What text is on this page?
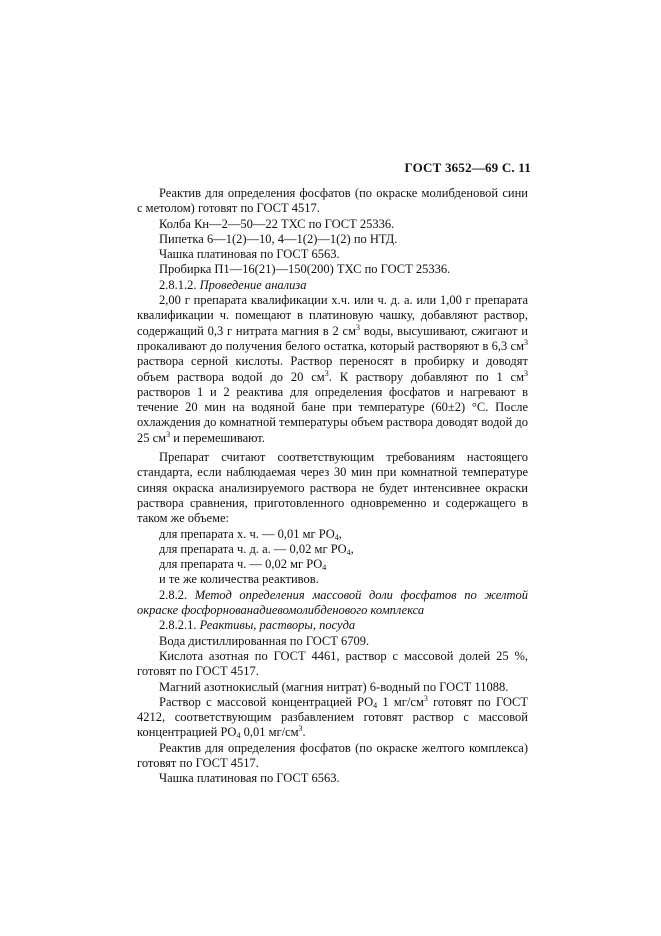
ГОСТ 3652—69 С. 11

Реактив для определения фосфатов (по окраске молибденовой сини с метолом) готовят по ГОСТ 4517.

Колба Кн—2—50—22 ТХС по ГОСТ 25336.

Пипетка 6—1(2)—10, 4—1(2)—1(2) по НТД.

Чашка платиновая по ГОСТ 6563.

Пробирка П1—16(21)—150(200) ТХС по ГОСТ 25336.

2.8.1.2. Проведение анализа

2,00 г препарата квалификации х.ч. или ч. д. а. или 1,00 г препарата квалификации ч. помещают в платиновую чашку, добавляют раствор, содержащий 0,3 г нитрата магния в 2 $см^3$ воды, высушивают, сжигают и прокаливают до получения белого остатка, который растворяют в 6,3 $см^3$ раствора серной кислоты. Раствор переносят в пробирку и доводят объем раствора водой до 20 $см^3$. К раствору добавляют по 1 $см^3$ растворов 1 и 2 реактива для определения фосфатов и нагревают в течение 20 мин на водяной бане при температуре (60±2) °С. После охлаждения до комнатной температуры объем раствора доводят водой до 25 $см^3$ и перемешивают.

Препарат считают соответствующим требованиям настоящего стандарта, если наблюдаемая через 30 мин при комнатной температуре синяя окраска анализируемого раствора не будет интенсивнее окраски раствора сравнения, приготовленного одновременно и содержащего в таком же объеме:

для препарата х. ч. — 0,01 мг $PO_4$,

для препарата ч. д. а. — 0,02 мг $PO_4$,

для препарата ч. — 0,02 мг $PO_4$

и те же количества реактивов.

2.8.2. Метод определения массовой доли фосфатов по желтой окраске фосфорнованадиевомолибденового комплекса

2.8.2.1. Реактивы, растворы, посуда

Вода дистиллированная по ГОСТ 6709.

Кислота азотная по ГОСТ 4461, раствор с массовой долей 25 %, готовят по ГОСТ 4517.

Магний азотнокислый (магния нитрат) 6-водный по ГОСТ 11088.

Раствор с массовой концентрацией $PO_4$ 1 $мг/см^3$ готовят по ГОСТ 4212, соответствующим разбавлением готовят раствор с массовой концентрацией $PO_4$ 0,01 $мг/см^3$.

Реактив для определения фосфатов (по окраске желтого комплекса) готовят по ГОСТ 4517.

Чашка платиновая по ГОСТ 6563.
